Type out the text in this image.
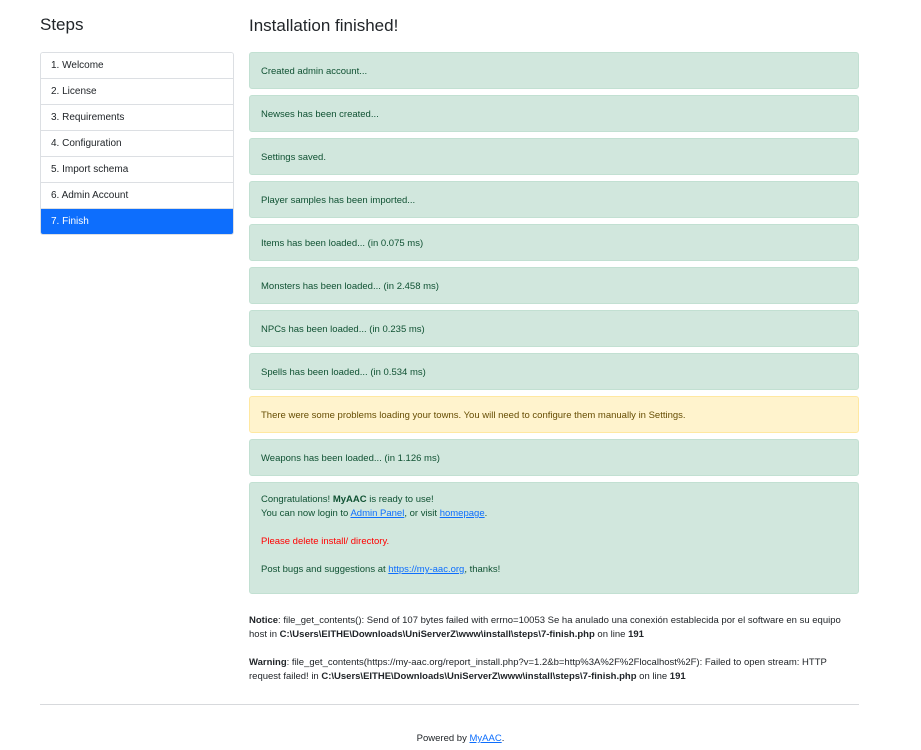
Steps
1. Welcome
2. License
3. Requirements
4. Configuration
5. Import schema
6. Admin Account
7. Finish
Installation finished!
Created admin account...
Newses has been created...
Settings saved.
Player samples has been imported...
Items has been loaded... (in 0.075 ms)
Monsters has been loaded... (in 2.458 ms)
NPCs has been loaded... (in 0.235 ms)
Spells has been loaded... (in 0.534 ms)
There were some problems loading your towns. You will need to configure them manually in Settings.
Weapons has been loaded... (in 1.126 ms)

Congratulations! MyAAC is ready to use!

You can now login to Admin Panel, or visit homepage.

Please delete install/ directory.

Post bugs and suggestions at https://my-aac.org, thanks!

Notice: file_get_contents(): Send of 107 bytes failed with errno=10053 Se ha anulado una conexión establecida por el software en su equipo host in C:\Users\EITHE\Downloads\UniServerZ\www\install\steps\7-finish.php on line 191

Warning: file_get_contents(https://my-aac.org/report_install.php?v=1.2&b=http%3A%2F%2Flocalhost%2F): Failed to open stream: HTTP request failed! in C:\Users\EITHE\Downloads\UniServerZ\www\install\steps\7-finish.php on line 191

Powered by MyAAC.
